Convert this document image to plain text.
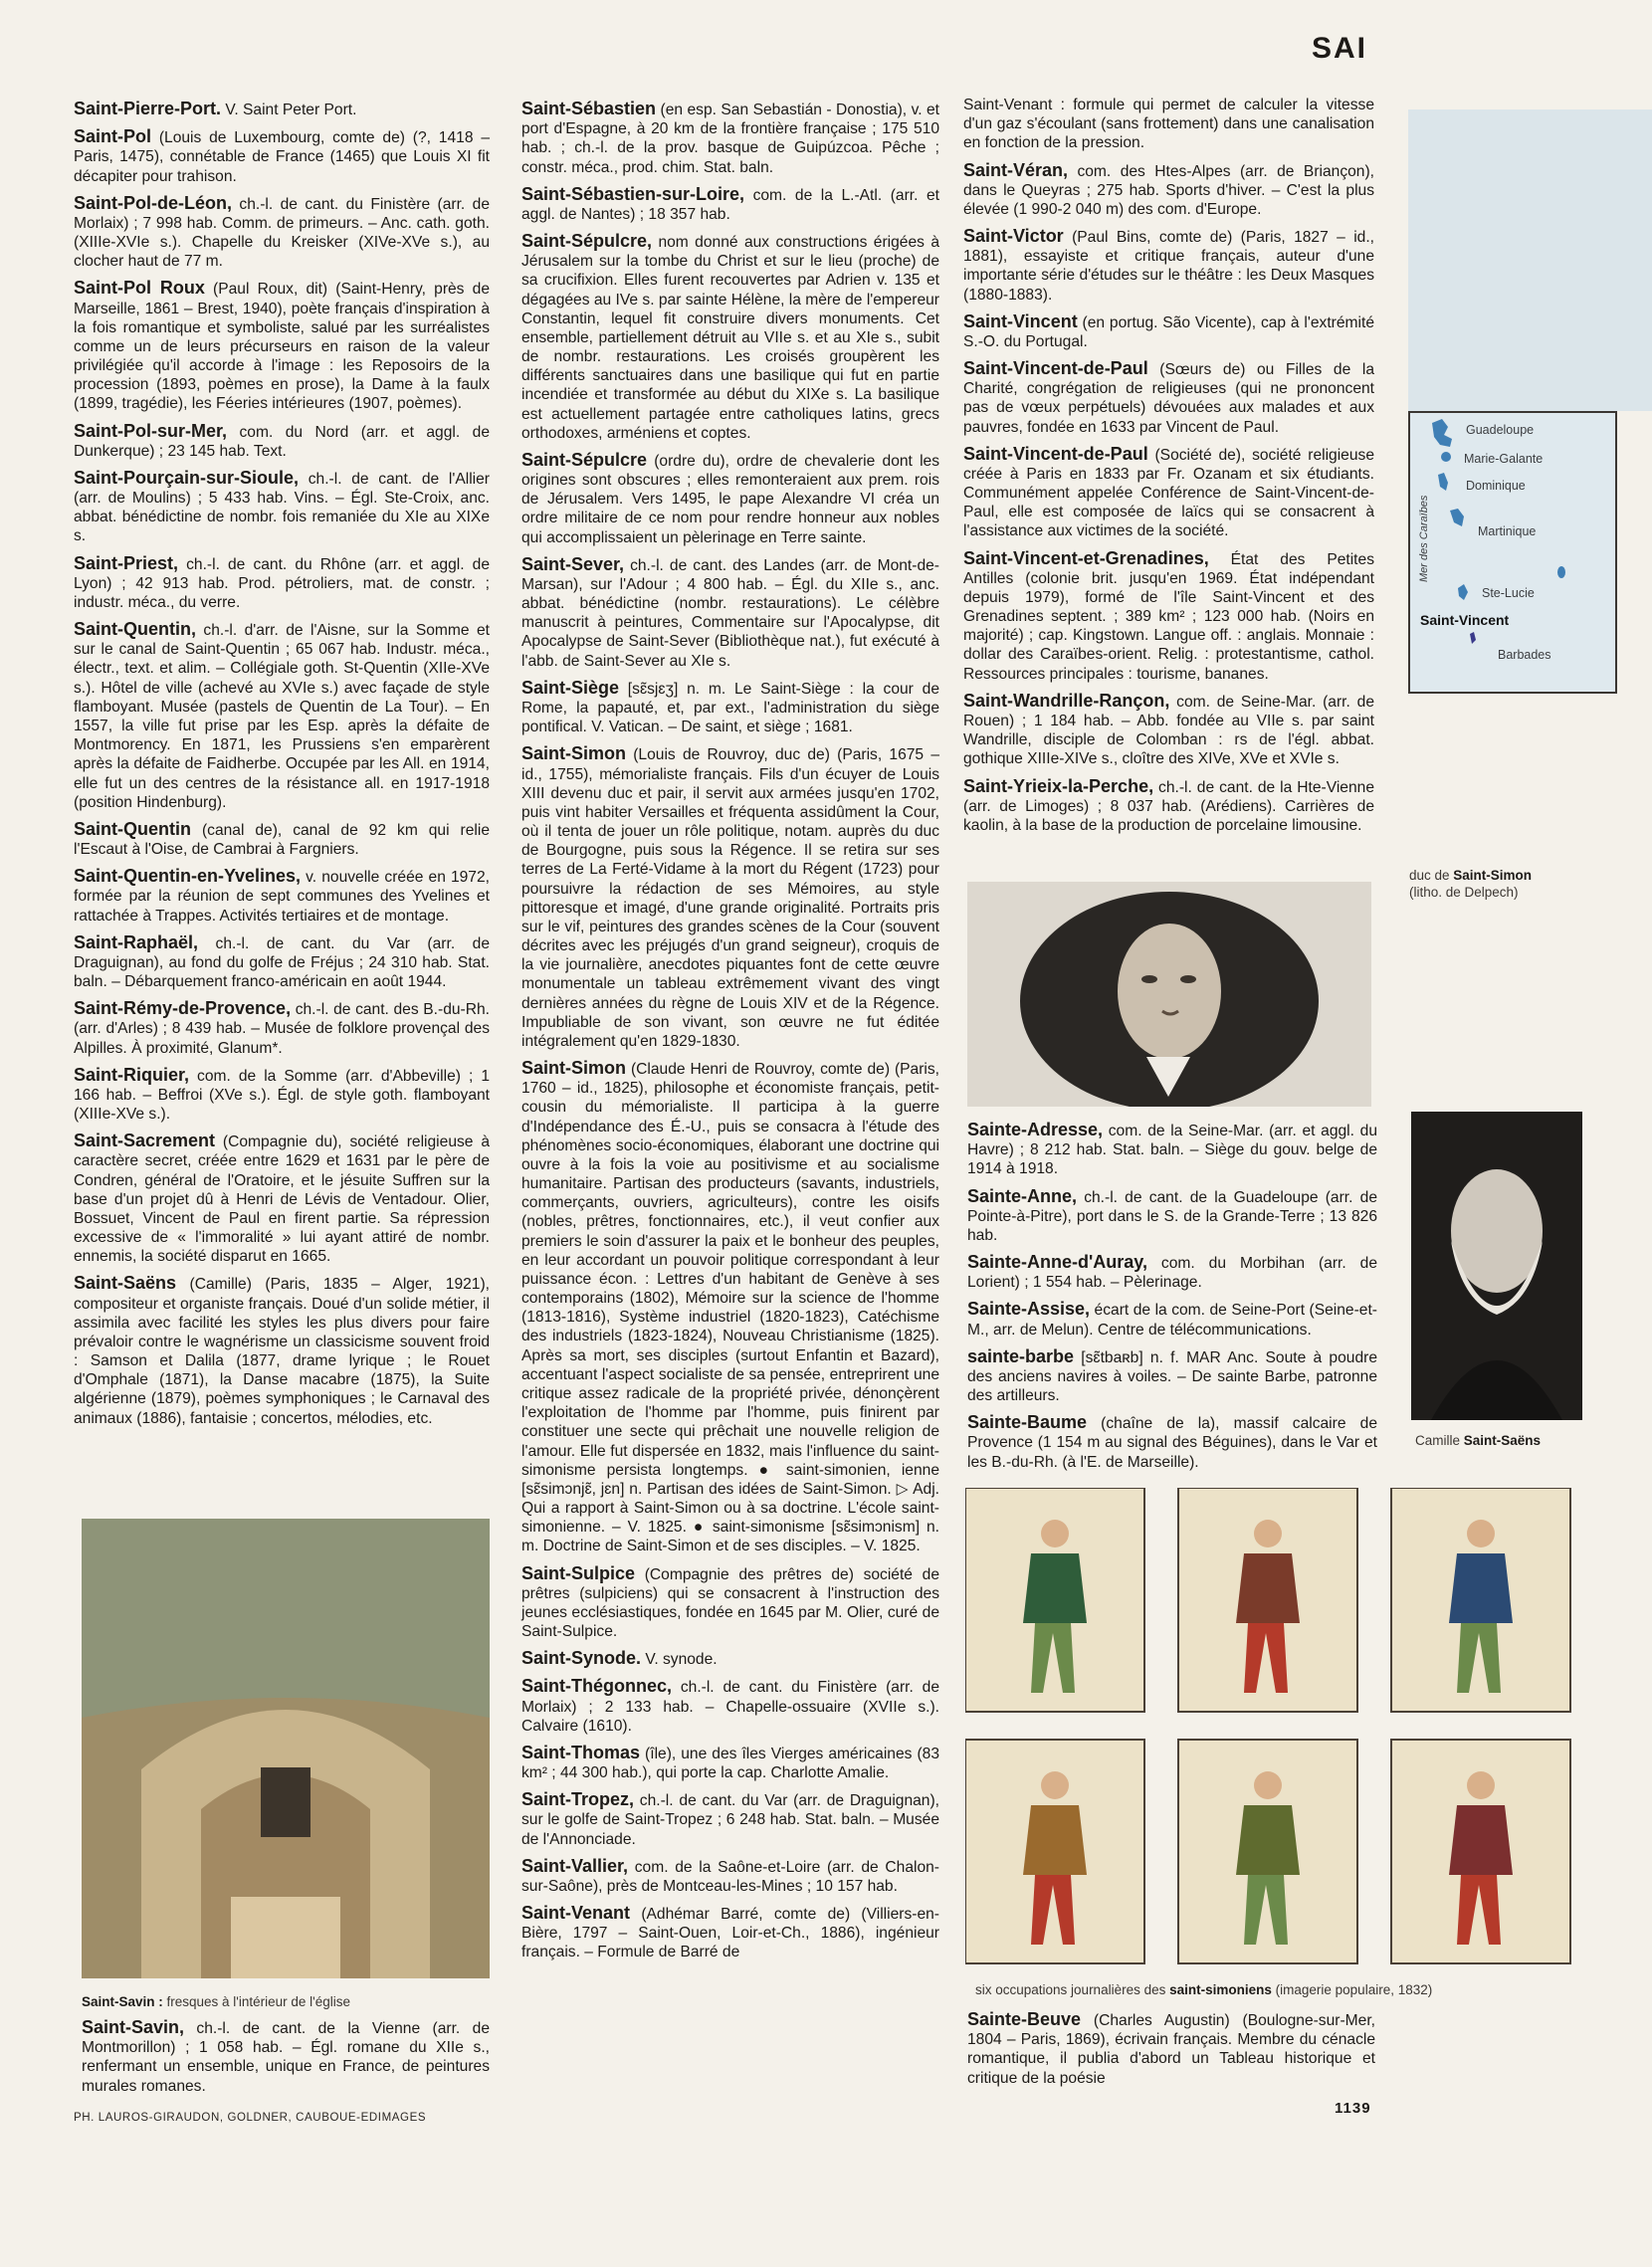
SAI

Saint-Pierre-Port. V. Saint Peter Port.

Saint-Pol (Louis de Luxembourg, comte de) (?, 1418 – Paris, 1475), connétable de France (1465) que Louis XI fit décapiter pour trahison.

Saint-Pol-de-Léon, ch.-l. de cant. du Finistère (arr. de Morlaix) ; 7 998 hab. Comm. de primeurs. – Anc. cath. goth. (XIIIe-XVIe s.). Chapelle du Kreisker (XIVe-XVe s.), au clocher haut de 77 m.

Saint-Pol Roux (Paul Roux, dit) (Saint-Henry, près de Marseille, 1861 – Brest, 1940), poète français d'inspiration à la fois romantique et symboliste, salué par les surréalistes comme un de leurs précurseurs en raison de la valeur privilégiée qu'il accorde à l'image : les Reposoirs de la procession (1893, poèmes en prose), la Dame à la faulx (1899, tragédie), les Féeries intérieures (1907, poèmes).

Saint-Pol-sur-Mer, com. du Nord (arr. et aggl. de Dunkerque) ; 23 145 hab. Text.

Saint-Pourçain-sur-Sioule, ch.-l. de cant. de l'Allier (arr. de Moulins) ; 5 433 hab. Vins. – Égl. Ste-Croix, anc. abbat. bénédictine de nombr. fois remaniée du XIe au XIXe s.

Saint-Priest, ch.-l. de cant. du Rhône (arr. et aggl. de Lyon) ; 42 913 hab. Prod. pétroliers, mat. de constr. ; industr. méca., du verre.

Saint-Quentin, ch.-l. d'arr. de l'Aisne, sur la Somme et sur le canal de Saint-Quentin ; 65 067 hab. Industr. méca., électr., text. et alim. – Collégiale goth. St-Quentin (XIIe-XVe s.). Hôtel de ville (achevé au XVIe s.) avec façade de style flamboyant. Musée (pastels de Quentin de La Tour). – En 1557, la ville fut prise par les Esp. après la défaite de Montmorency. En 1871, les Prussiens s'en emparèrent après la défaite de Faidherbe. Occupée par les All. en 1914, elle fut un des centres de la résistance all. en 1917-1918 (position Hindenburg).

Saint-Quentin (canal de), canal de 92 km qui relie l'Escaut à l'Oise, de Cambrai à Fargniers.

Saint-Quentin-en-Yvelines, v. nouvelle créée en 1972, formée par la réunion de sept communes des Yvelines et rattachée à Trappes. Activités tertiaires et de montage.

Saint-Raphaël, ch.-l. de cant. du Var (arr. de Draguignan), au fond du golfe de Fréjus ; 24 310 hab. Stat. baln. – Débarquement franco-américain en août 1944.

Saint-Rémy-de-Provence, ch.-l. de cant. des B.-du-Rh. (arr. d'Arles) ; 8 439 hab. – Musée de folklore provençal des Alpilles. À proximité, Glanum*.

Saint-Riquier, com. de la Somme (arr. d'Abbeville) ; 1 166 hab. – Beffroi (XVe s.). Égl. de style goth. flamboyant (XIIIe-XVe s.).

Saint-Sacrement (Compagnie du), société religieuse à caractère secret, créée entre 1629 et 1631 par le père de Condren, général de l'Oratoire, et le jésuite Suffren sur la base d'un projet dû à Henri de Lévis de Ventadour. Olier, Bossuet, Vincent de Paul en firent partie. Sa répression excessive de « l'immoralité » lui ayant attiré de nombr. ennemis, la société disparut en 1665.

Saint-Saëns (Camille) (Paris, 1835 – Alger, 1921), compositeur et organiste français. Doué d'un solide métier, il assimila avec facilité les styles les plus divers pour faire prévaloir contre le wagnérisme un classicisme souvent froid : Samson et Dalila (1877, drame lyrique ; le Rouet d'Omphale (1871), la Danse macabre (1875), la Suite algérienne (1879), poèmes symphoniques ; le Carnaval des animaux (1886), fantaisie ; concertos, mélodies, etc.

Saint-Sébastien (en esp. San Sebastián - Donostia), v. et port d'Espagne, à 20 km de la frontière française ; 175 510 hab. ; ch.-l. de la prov. basque de Guipúzcoa. Pêche ; constr. méca., prod. chim. Stat. baln.

Saint-Sébastien-sur-Loire, com. de la L.-Atl. (arr. et aggl. de Nantes) ; 18 357 hab.

Saint-Sépulcre, nom donné aux constructions érigées à Jérusalem sur la tombe du Christ et sur le lieu (proche) de sa crucifixion. Elles furent recouvertes par Adrien v. 135 et dégagées au IVe s. par sainte Hélène, la mère de l'empereur Constantin, lequel fit construire divers monuments. Cet ensemble, partiellement détruit au VIIe s. et au XIe s., subit de nombr. restaurations. Les croisés groupèrent les différents sanctuaires dans une basilique qui fut en partie incendiée et transformée au début du XIXe s. La basilique est actuellement partagée entre catholiques latins, grecs orthodoxes, arméniens et coptes.

Saint-Sépulcre (ordre du), ordre de chevalerie dont les origines sont obscures ; elles remonteraient aux prem. rois de Jérusalem. Vers 1495, le pape Alexandre VI créa un ordre militaire de ce nom pour rendre honneur aux nobles qui accomplissaient un pèlerinage en Terre sainte.

Saint-Sever, ch.-l. de cant. des Landes (arr. de Mont-de-Marsan), sur l'Adour ; 4 800 hab. – Égl. du XIIe s., anc. abbat. bénédictine (nombr. restaurations). Le célèbre manuscrit à peintures, Commentaire sur l'Apocalypse, dit Apocalypse de Saint-Sever (Bibliothèque nat.), fut exécuté à l'abb. de Saint-Sever au XIe s.

Saint-Siège [sɛ̃sjɛʒ] n. m. Le Saint-Siège : la cour de Rome, la papauté, et, par ext., l'administration du siège pontifical. V. Vatican. – De saint, et siège ; 1681.

Saint-Simon (Louis de Rouvroy, duc de) (Paris, 1675 – id., 1755), mémorialiste français. Fils d'un écuyer de Louis XIII devenu duc et pair, il servit aux armées jusqu'en 1702, puis vint habiter Versailles et fréquenta assidûment la Cour, où il tenta de jouer un rôle politique, notam. auprès du duc de Bourgogne, puis sous la Régence. Il se retira sur ses terres de La Ferté-Vidame à la mort du Régent (1723) pour poursuivre la rédaction de ses Mémoires, au style pittoresque et imagé, d'une grande originalité. Portraits pris sur le vif, peintures des grandes scènes de la Cour (souvent décrites avec les préjugés d'un grand seigneur), croquis de la vie journalière, anecdotes piquantes font de cette œuvre monumentale un tableau extrêmement vivant des vingt dernières années du règne de Louis XIV et de la Régence. Impubliable de son vivant, son œuvre ne fut éditée intégralement qu'en 1829-1830.

Saint-Simon (Claude Henri de Rouvroy, comte de) (Paris, 1760 – id., 1825), philosophe et économiste français, petit-cousin du mémorialiste. Il participa à la guerre d'Indépendance des É.-U., puis se consacra à l'étude des phénomènes socio-économiques, élaborant une doctrine qui ouvre à la fois la voie au positivisme et au socialisme humanitaire. Partisan des producteurs (savants, industriels, commerçants, ouvriers, agriculteurs), contre les oisifs (nobles, prêtres, fonctionnaires, etc.), il veut confier aux premiers le soin d'assurer la paix et le bonheur des peuples, en leur accordant un pouvoir politique correspondant à leur puissance écon. : Lettres d'un habitant de Genève à ses contemporains (1802), Mémoire sur la science de l'homme (1813-1816), Système industriel (1820-1823), Catéchisme des industriels (1823-1824), Nouveau Christianisme (1825). Après sa mort, ses disciples (surtout Enfantin et Bazard), accentuant l'aspect socialiste de sa pensée, entreprirent une critique assez radicale de la propriété privée, dénonçèrent l'exploitation de l'homme par l'homme, puis finirent par constituer une secte qui prêchait une nouvelle religion de l'amour. Elle fut dispersée en 1832, mais l'influence du saint-simonisme persista longtemps. ● saint-simonien, ienne [sɛ̃simɔnjɛ̃, jɛn] n. Partisan des idées de Saint-Simon. ▷ Adj. Qui a rapport à Saint-Simon ou à sa doctrine. L'école saint-simonienne. – V. 1825. ● saint-simonisme [sɛ̃simɔnism] n. m. Doctrine de Saint-Simon et de ses disciples. – V. 1825.

Saint-Sulpice (Compagnie des prêtres de) société de prêtres (sulpiciens) qui se consacrent à l'instruction des jeunes ecclésiastiques, fondée en 1645 par M. Olier, curé de Saint-Sulpice.

Saint-Synode. V. synode.

Saint-Thégonnec, ch.-l. de cant. du Finistère (arr. de Morlaix) ; 2 133 hab. – Chapelle-ossuaire (XVIIe s.). Calvaire (1610).

Saint-Thomas (île), une des îles Vierges américaines (83 km² ; 44 300 hab.), qui porte la cap. Charlotte Amalie.

Saint-Tropez, ch.-l. de cant. du Var (arr. de Draguignan), sur le golfe de Saint-Tropez ; 6 248 hab. Stat. baln. – Musée de l'Annonciade.

Saint-Vallier, com. de la Saône-et-Loire (arr. de Chalon-sur-Saône), près de Montceau-les-Mines ; 10 157 hab.

Saint-Venant (Adhémar Barré, comte de) (Villiers-en-Bière, 1797 – Saint-Ouen, Loir-et-Ch., 1886), ingénieur français. – Formule de Barré de

Saint-Venant : formule qui permet de calculer la vitesse d'un gaz s'écoulant (sans frottement) dans une canalisation en fonction de la pression.

Saint-Véran, com. des Htes-Alpes (arr. de Briançon), dans le Queyras ; 275 hab. Sports d'hiver. – C'est la plus élevée (1 990-2 040 m) des com. d'Europe.

Saint-Victor (Paul Bins, comte de) (Paris, 1827 – id., 1881), essayiste et critique français, auteur d'une importante série d'études sur le théâtre : les Deux Masques (1880-1883).

Saint-Vincent (en portug. São Vicente), cap à l'extrémité S.-O. du Portugal.

Saint-Vincent-de-Paul (Sœurs de) ou Filles de la Charité, congrégation de religieuses (qui ne prononcent pas de vœux perpétuels) dévouées aux malades et aux pauvres, fondée en 1633 par Vincent de Paul.

Saint-Vincent-de-Paul (Société de), société religieuse créée à Paris en 1833 par Fr. Ozanam et six étudiants. Communément appelée Conférence de Saint-Vincent-de-Paul, elle est composée de laïcs qui se consacrent à l'assistance aux victimes de la société.

Saint-Vincent-et-Grenadines, État des Petites Antilles (colonie brit. jusqu'en 1969. État indépendant depuis 1979), formé de l'île Saint-Vincent et des Grenadines septent. ; 389 km² ; 123 000 hab. (Noirs en majorité) ; cap. Kingstown. Langue off. : anglais. Monnaie : dollar des Caraïbes-orient. Relig. : protestantisme, cathol. Ressources principales : tourisme, bananes.

Saint-Wandrille-Rançon, com. de Seine-Mar. (arr. de Rouen) ; 1 184 hab. – Abb. fondée au VIIe s. par saint Wandrille, disciple de Colomban : rs de l'égl. abbat. gothique XIIIe-XIVe s., cloître des XIVe, XVe et XVIe s.

Saint-Yrieix-la-Perche, ch.-l. de cant. de la Hte-Vienne (arr. de Limoges) ; 8 037 hab. (Arédiens). Carrières de kaolin, à la base de la production de porcelaine limousine.

Mer des Caraïbes
Guadeloupe
Marie-Galante
Dominique
Martinique
Ste-Lucie
Saint-Vincent
Barbades
duc de Saint-Simon
(litho. de Delpech)
Camille Saint-Saëns
Saint-Savin : fresques à l'intérieur de l'église
six occupations journalières des saint-simoniens (imagerie populaire, 1832)

Sainte-Adresse, com. de la Seine-Mar. (arr. et aggl. du Havre) ; 8 212 hab. Stat. baln. – Siège du gouv. belge de 1914 à 1918.

Sainte-Anne, ch.-l. de cant. de la Guadeloupe (arr. de Pointe-à-Pitre), port dans le S. de la Grande-Terre ; 13 826 hab.

Sainte-Anne-d'Auray, com. du Morbihan (arr. de Lorient) ; 1 554 hab. – Pèlerinage.

Sainte-Assise, écart de la com. de Seine-Port (Seine-et-M., arr. de Melun). Centre de télécommunications.

sainte-barbe [sɛ̃tbaʀb] n. f. MAR Anc. Soute à poudre des anciens navires à voiles. – De sainte Barbe, patronne des artilleurs.

Sainte-Baume (chaîne de la), massif calcaire de Provence (1 154 m au signal des Béguines), dans le Var et les B.-du-Rh. (à l'E. de Marseille).

Saint-Savin, ch.-l. de cant. de la Vienne (arr. de Montmorillon) ; 1 058 hab. – Égl. romane du XIIe s., renfermant un ensemble, unique en France, de peintures murales romanes.

Sainte-Beuve (Charles Augustin) (Boulogne-sur-Mer, 1804 – Paris, 1869), écrivain français. Membre du cénacle romantique, il publia d'abord un Tableau historique et critique de la poésie

PH. LAUROS-GIRAUDON, GOLDNER, CAUBOUE-EDIMAGES
1139
